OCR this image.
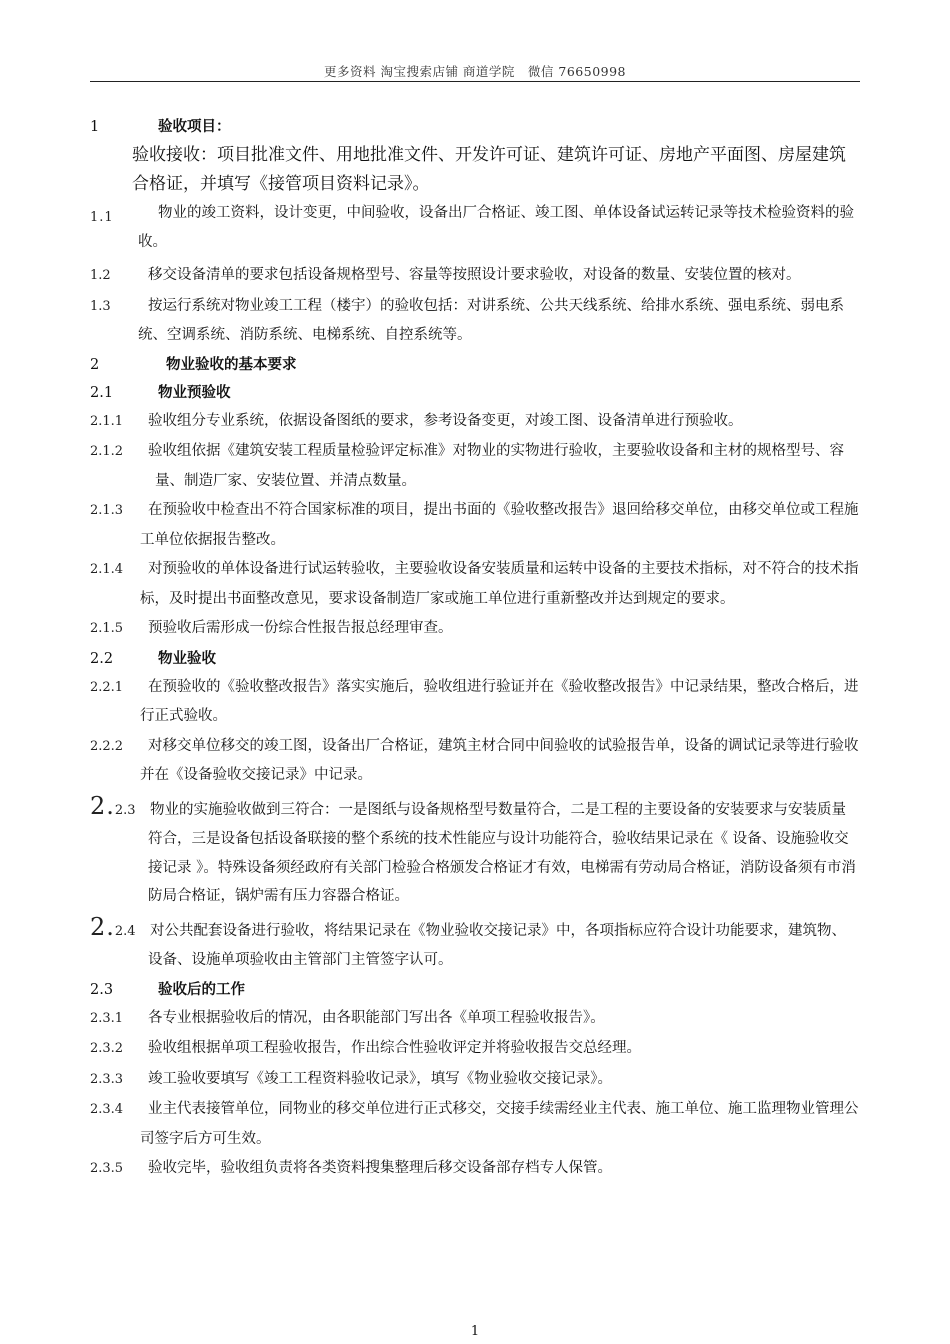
更多资料 淘宝搜索店铺 商道学院　微信 76650998
1	验收项目：
验收接收：项目批准文件、用地批准文件、开发许可证、建筑许可证、房地产平面图、房屋建筑合格证，并填写《接管项目资料记录》。
1.1	物业的竣工资料，设计变更，中间验收，设备出厂合格证、竣工图、单体设备试运转记录等技术检验资料的验收。
1.2	移交设备清单的要求包括设备规格型号、容量等按照设计要求验收，对设备的数量、安装位置的核对。
1.3	按运行系统对物业竣工工程（楼宇）的验收包括：对讲系统、公共天线系统、给排水系统、强电系统、弱电系统、空调系统、消防系统、电梯系统、自控系统等。
2	物业验收的基本要求
2.1	物业预验收
2.1.1 验收组分专业系统，依据设备图纸的要求，参考设备变更，对竣工图、设备清单进行预验收。
2.1.2 验收组依据《建筑安装工程质量检验评定标准》对物业的实物进行验收，主要验收设备和主材的规格型号、容量、制造厂家、安装位置、并清点数量。
2.1.3 在预验收中检查出不符合国家标准的项目，提出书面的《验收整改报告》退回给移交单位，由移交单位或工程施工单位依据报告整改。
2.1.4 对预验收的单体设备进行试运转验收，主要验收设备安装质量和运转中设备的主要技术指标，对不符合的技术指标，及时提出书面整改意见，要求设备制造厂家或施工单位进行重新整改并达到规定的要求。
2.1.5 预验收后需形成一份综合性报告报总经理审查。
2.2	物业验收
2.2.1 在预验收的《验收整改报告》落实实施后，验收组进行验证并在《验收整改报告》中记录结果，整改合格后，进行正式验收。
2.2.2 对移交单位移交的竣工图，设备出厂合格证，建筑主材合同中间验收的试验报告单，设备的调试记录等进行验收并在《设备验收交接记录》中记录。
2.2.3 物业的实施验收做到三符合：一是图纸与设备规格型号数量符合，二是工程的主要设备的安装要求与安装质量符合，三是设备包括设备联接的整个系统的技术性能应与设计功能符合，验收结果记录在《 设备、设施验收交接记录 》。特殊设备须经政府有关部门检验合格颁发合格证才有效，电梯需有劳动局合格证，消防设备须有市消防局合格证，锅炉需有压力容器合格证。
2.2.4 对公共配套设备进行验收，将结果记录在《物业验收交接记录》中，各项指标应符合设计功能要求，建筑物、设备、设施单项验收由主管部门主管签字认可。
2.3	验收后的工作
2.3.1 各专业根据验收后的情况，由各职能部门写出各《单项工程验收报告》。
2.3.2 验收组根据单项工程验收报告，作出综合性验收评定并将验收报告交总经理。
2.3.3 竣工验收要填写《竣工工程资料验收记录》，填写《物业验收交接记录》。
2.3.4 业主代表接管单位，同物业的移交单位进行正式移交，交接手续需经业主代表、施工单位、施工监理物业管理公司签字后方可生效。
2.3.5 验收完毕，验收组负责将各类资料搜集整理后移交设备部存档专人保管。
1
